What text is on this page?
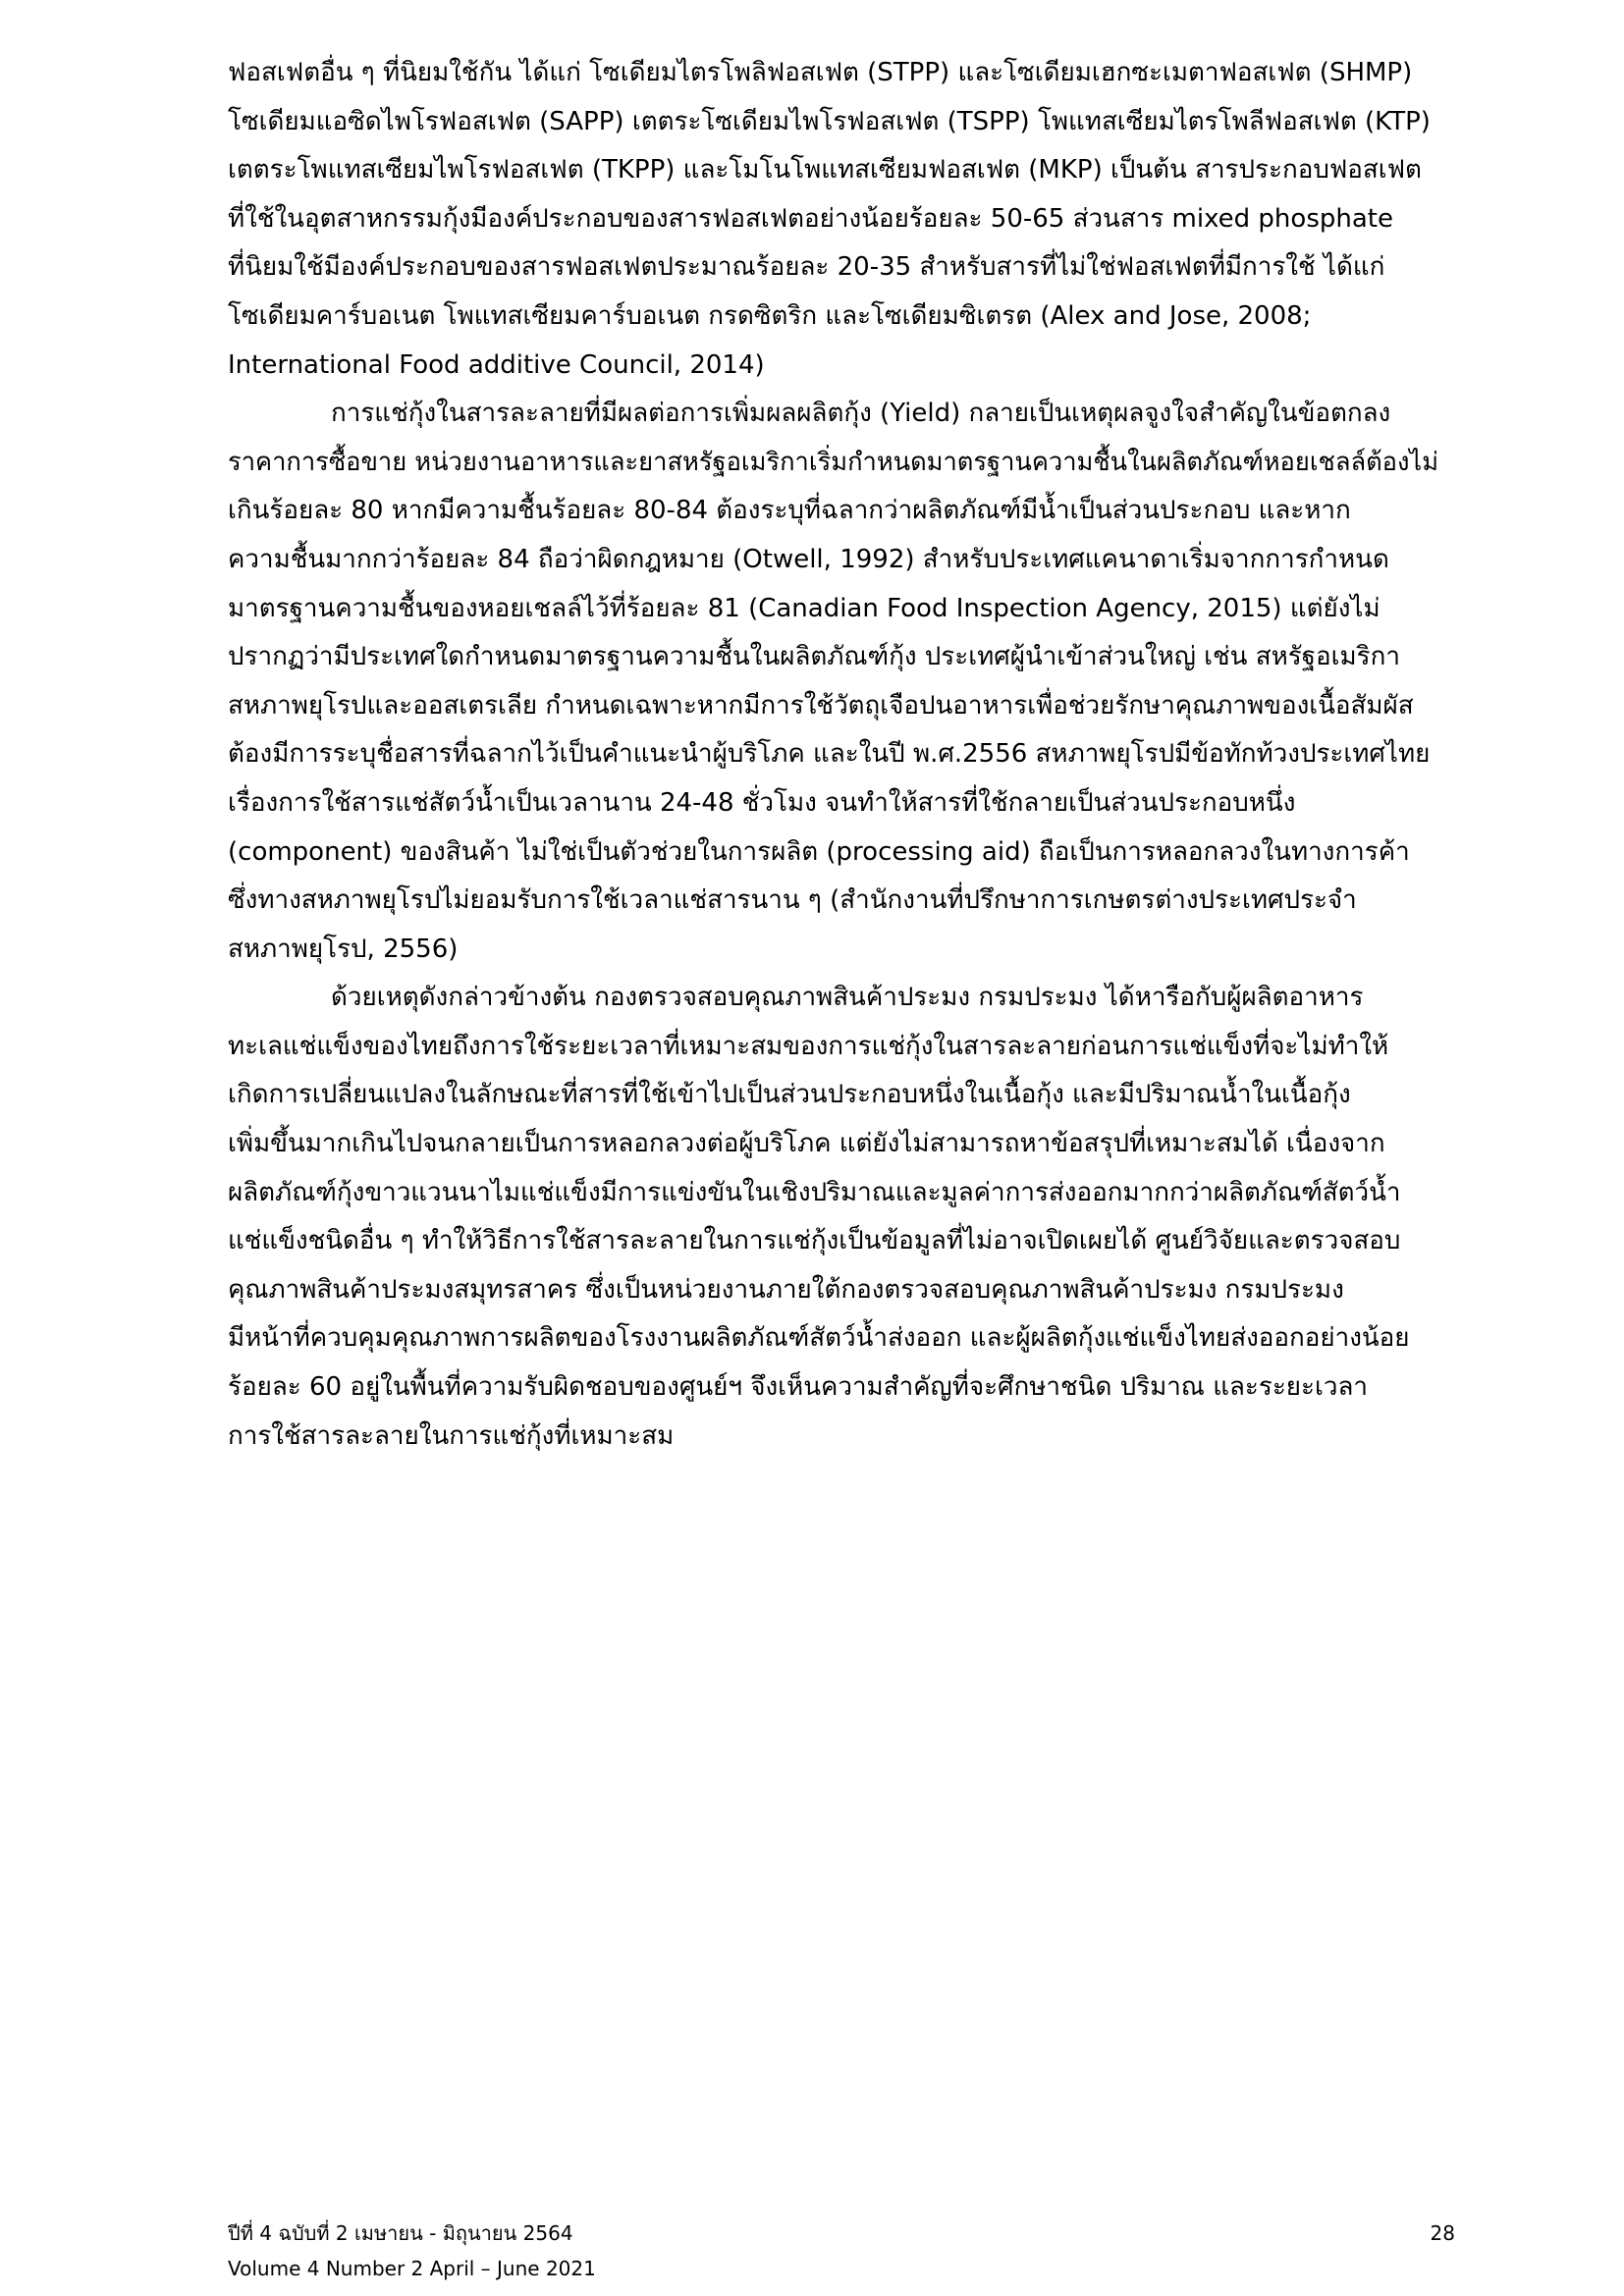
ฟอสเฟตอื่น ๆ ที่นิยมใช้กัน ได้แก่ โซเดียมไตรโพลิฟอสเฟต (STPP) และโซเดียมเฮกซะเมตาฟอสเฟต (SHMP)
โซเดียมแอซิดไพโรฟอสเฟต (SAPP) เตตระโซเดียมไพโรฟอสเฟต (TSPP) โพแทสเซียมไตรโพลีฟอสเฟต (KTP)
เตตระโพแทสเซียมไพโรฟอสเฟต (TKPP) และโมโนโพแทสเซียมฟอสเฟต (MKP) เป็นต้น สารประกอบฟอสเฟต
ที่ใช้ในอุตสาหกรรมกุ้งมีองค์ประกอบของสารฟอสเฟตอย่างน้อยร้อยละ 50-65 ส่วนสาร mixed phosphate
ที่นิยมใช้มีองค์ประกอบของสารฟอสเฟตประมาณร้อยละ 20-35 สำหรับสารที่ไม่ใช่ฟอสเฟตที่มีการใช้ ได้แก่
โซเดียมคาร์บอเนต โพแทสเซียมคาร์บอเนต กรดซิตริก และโซเดียมซิเตรต (Alex and Jose, 2008;
International Food additive Council, 2014)
การแช่กุ้งในสารละลายที่มีผลต่อการเพิ่มผลผลิตกุ้ง (Yield) กลายเป็นเหตุผลจูงใจสำคัญในข้อตกลง
ราคาการซื้อขาย หน่วยงานอาหารและยาสหรัฐอเมริกาเริ่มกำหนดมาตรฐานความชื้นในผลิตภัณฑ์หอยเชลล์ต้องไม่
เกินร้อยละ 80 หากมีความชื้นร้อยละ 80-84 ต้องระบุที่ฉลากว่าผลิตภัณฑ์มีน้ำเป็นส่วนประกอบ และหาก
ความชื้นมากกว่าร้อยละ 84 ถือว่าผิดกฎหมาย (Otwell, 1992) สำหรับประเทศแคนาดาเริ่มจากการกำหนด
มาตรฐานความชื้นของหอยเชลล์ไว้ที่ร้อยละ 81 (Canadian Food Inspection Agency, 2015) แต่ยังไม่
ปรากฏว่ามีประเทศใดกำหนดมาตรฐานความชื้นในผลิตภัณฑ์กุ้ง ประเทศผู้นำเข้าส่วนใหญ่ เช่น สหรัฐอเมริกา
สหภาพยุโรปและออสเตรเลีย กำหนดเฉพาะหากมีการใช้วัตถุเจือปนอาหารเพื่อช่วยรักษาคุณภาพของเนื้อสัมผัส
ต้องมีการระบุชื่อสารที่ฉลากไว้เป็นคำแนะนำผู้บริโภค และในปี พ.ศ.2556 สหภาพยุโรปมีข้อทักท้วงประเทศไทย
เรื่องการใช้สารแช่สัตว์น้ำเป็นเวลานาน 24-48 ชั่วโมง จนทำให้สารที่ใช้กลายเป็นส่วนประกอบหนึ่ง
(component) ของสินค้า ไม่ใช่เป็นตัวช่วยในการผลิต (processing aid) ถือเป็นการหลอกลวงในทางการค้า
ซึ่งทางสหภาพยุโรปไม่ยอมรับการใช้เวลาแช่สารนาน ๆ (สำนักงานที่ปรึกษาการเกษตรต่างประเทศประจำ
สหภาพยุโรป, 2556)
ด้วยเหตุดังกล่าวข้างต้น กองตรวจสอบคุณภาพสินค้าประมง กรมประมง ได้หารือกับผู้ผลิตอาหาร
ทะเลแช่แข็งของไทยถึงการใช้ระยะเวลาที่เหมาะสมของการแช่กุ้งในสารละลายก่อนการแช่แข็งที่จะไม่ทำให้
เกิดการเปลี่ยนแปลงในลักษณะที่สารที่ใช้เข้าไปเป็นส่วนประกอบหนึ่งในเนื้อกุ้ง และมีปริมาณน้ำในเนื้อกุ้ง
เพิ่มขึ้นมากเกินไปจนกลายเป็นการหลอกลวงต่อผู้บริโภค แต่ยังไม่สามารถหาข้อสรุปที่เหมาะสมได้ เนื่องจาก
ผลิตภัณฑ์กุ้งขาวแวนนาไมแช่แข็งมีการแข่งขันในเชิงปริมาณและมูลค่าการส่งออกมากกว่าผลิตภัณฑ์สัตว์น้ำ
แช่แข็งชนิดอื่น ๆ ทำให้วิธีการใช้สารละลายในการแช่กุ้งเป็นข้อมูลที่ไม่อาจเปิดเผยได้ ศูนย์วิจัยและตรวจสอบ
คุณภาพสินค้าประมงสมุทรสาคร ซึ่งเป็นหน่วยงานภายใต้กองตรวจสอบคุณภาพสินค้าประมง กรมประมง
มีหน้าที่ควบคุมคุณภาพการผลิตของโรงงานผลิตภัณฑ์สัตว์น้ำส่งออก และผู้ผลิตกุ้งแช่แข็งไทยส่งออกอย่างน้อย
ร้อยละ 60 อยู่ในพื้นที่ความรับผิดชอบของศูนย์ฯ จึงเห็นความสำคัญที่จะศึกษาชนิด ปริมาณ และระยะเวลา
การใช้สารละลายในการแช่กุ้งที่เหมาะสม
ปีที่ 4 ฉบับที่ 2 เมษายน - มิถุนายน 2564
Volume 4 Number 2 April – June 2021
28
